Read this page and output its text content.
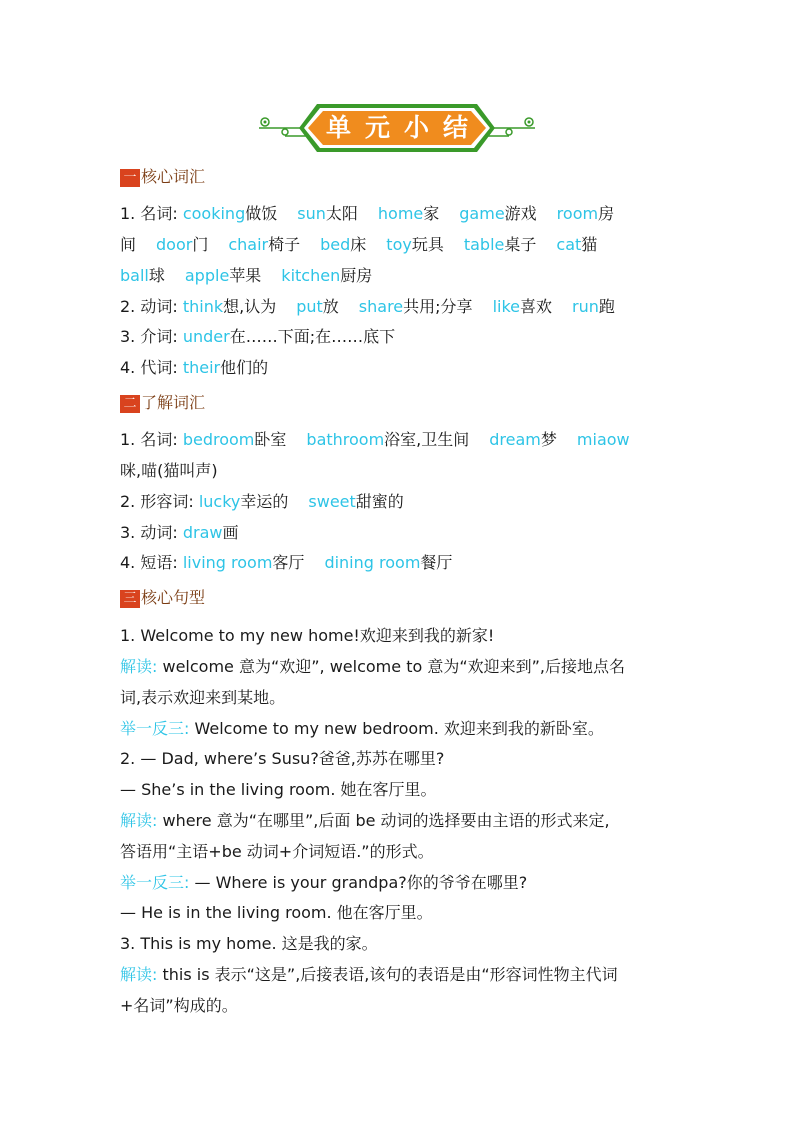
单元小结
一 核心词汇
1. 名词: cooking做饭 sun太阳 home家 game游戏 room房
间 door门 chair椅子 bed床 toy玩具 table桌子 cat猫
ball球 apple苹果 kitchen厨房
2. 动词: think想,认为 put放 share共用;分享 like喜欢 run跑
3. 介词: under在……下面;在……底下
4. 代词: their他们的
二 了解词汇
1. 名词: bedroom卧室 bathroom浴室,卫生间 dream梦 miaow
咪,喵(猫叫声)
2. 形容词: lucky幸运的 sweet甜蜜的
3. 动词: draw画
4. 短语: living room客厅 dining room餐厅
三 核心句型
1. Welcome to my new home!欢迎来到我的新家!
解读: welcome 意为“欢迎”, welcome to 意为“欢迎来到”,后接地点名
词,表示欢迎来到某地。
举一反三: Welcome to my new bedroom. 欢迎来到我的新卧室。
2. — Dad, where’s Susu?爸爸,苏苏在哪里?
— She’s in the living room. 她在客厅里。
解读: where 意为“在哪里”,后面 be 动词的选择要由主语的形式来定,
答语用“主语+be 动词+介词短语.”的形式。
举一反三: — Where is your grandpa?你的爷爷在哪里?
— He is in the living room. 他在客厅里。
3. This is my home. 这是我的家。
解读: this is 表示“这是”,后接表语,该句的表语是由“形容词性物主代词
+名词”构成的。
